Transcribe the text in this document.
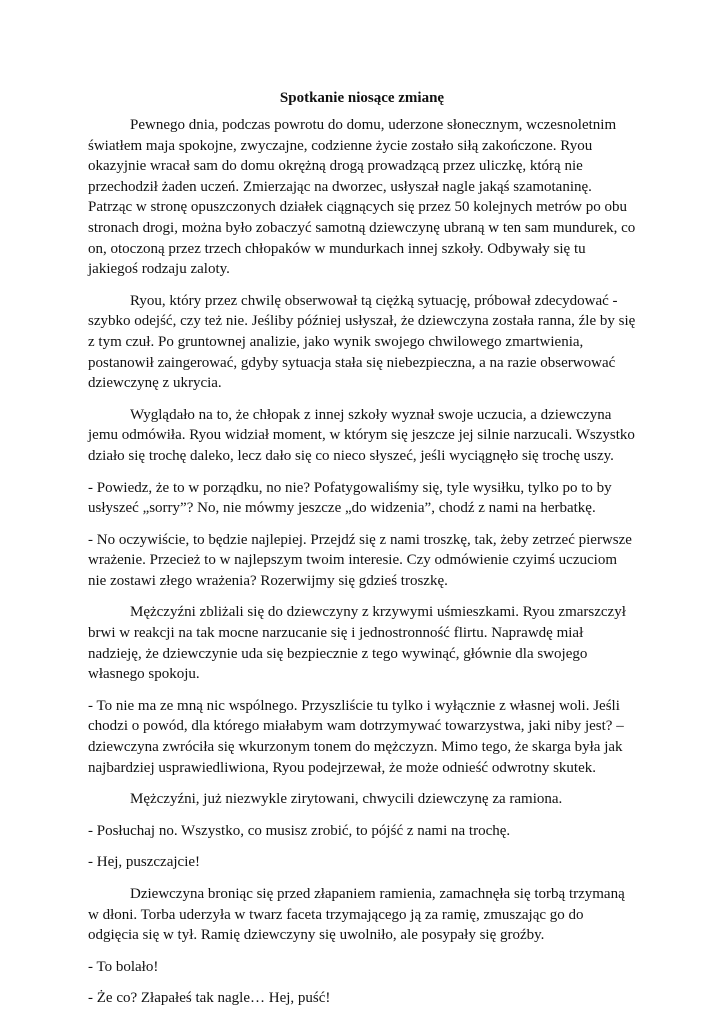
Spotkanie niosące zmianę

Pewnego dnia, podczas powrotu do domu, uderzone słonecznym, wczesnoletnim światłem maja spokojne, zwyczajne, codzienne życie zostało siłą zakończone. Ryou okazyjnie wracał sam do domu okrężną drogą prowadzącą przez uliczkę, którą nie przechodził żaden uczeń. Zmierzając na dworzec, usłyszał nagle jakąś szamotaninę. Patrząc w stronę opuszczonych działek ciągnących się przez 50 kolejnych metrów po obu stronach drogi, można było zobaczyć samotną dziewczynę ubraną w ten sam mundurek, co on, otoczoną przez trzech chłopaków w mundurkach innej szkoły. Odbywały się tu jakiegoś rodzaju zaloty.

Ryou, który przez chwilę obserwował tą ciężką sytuację, próbował zdecydować - szybko odejść, czy też nie. Jeśliby później usłyszał, że dziewczyna została ranna, źle by się z tym czuł. Po gruntownej analizie, jako wynik swojego chwilowego zmartwienia, postanowił zaingerować, gdyby sytuacja stała się niebezpieczna, a na razie obserwować dziewczynę z ukrycia.

Wyglądało na to, że chłopak z innej szkoły wyznał swoje uczucia, a dziewczyna jemu odmówiła. Ryou widział moment, w którym się jeszcze jej silnie narzucali. Wszystko działo się trochę daleko, lecz dało się co nieco słyszeć, jeśli wyciągnęło się trochę uszy.

- Powiedz, że to w porządku, no nie? Pofatygowaliśmy się, tyle wysiłku, tylko po to by usłyszeć „sorry”? No, nie mówmy jeszcze „do widzenia”, chodź z nami na herbatkę.

- No oczywiście, to będzie najlepiej. Przejdź się z nami troszkę, tak, żeby zetrzeć pierwsze wrażenie. Przecież to w najlepszym twoim interesie. Czy odmówienie czyimś uczuciom nie zostawi złego wrażenia? Rozerwijmy się gdzieś troszkę.

Mężczyźni zbliżali się do dziewczyny z krzywymi uśmieszkami. Ryou zmarszczył brwi w reakcji na tak mocne narzucanie się i jednostronność flirtu. Naprawdę miał nadzieję, że dziewczynie uda się bezpiecznie z tego wywinąć, głównie dla swojego własnego spokoju.

- To nie ma ze mną nic wspólnego. Przyszliście tu tylko i wyłącznie z własnej woli. Jeśli chodzi o powód, dla którego miałabym wam dotrzymywać towarzystwa, jaki niby jest? – dziewczyna zwróciła się wkurzonym tonem do mężczyzn. Mimo tego, że skarga była jak najbardziej usprawiedliwiona, Ryou podejrzewał, że może odnieść odwrotny skutek.

Mężczyźni, już niezwykle zirytowani, chwycili dziewczynę za ramiona.

- Posłuchaj no. Wszystko, co musisz zrobić, to pójść z nami na trochę.

- Hej, puszczajcie!

Dziewczyna broniąc się przed złapaniem ramienia, zamachnęła się torbą trzymaną w dłoni. Torba uderzyła w twarz faceta trzymającego ją za ramię, zmuszając go do odgięcia się w tył. Ramię dziewczyny się uwolniło, ale posypały się groźby.

- To bolało!

- Że co? Złapałeś tak nagle… Hej, puść!
